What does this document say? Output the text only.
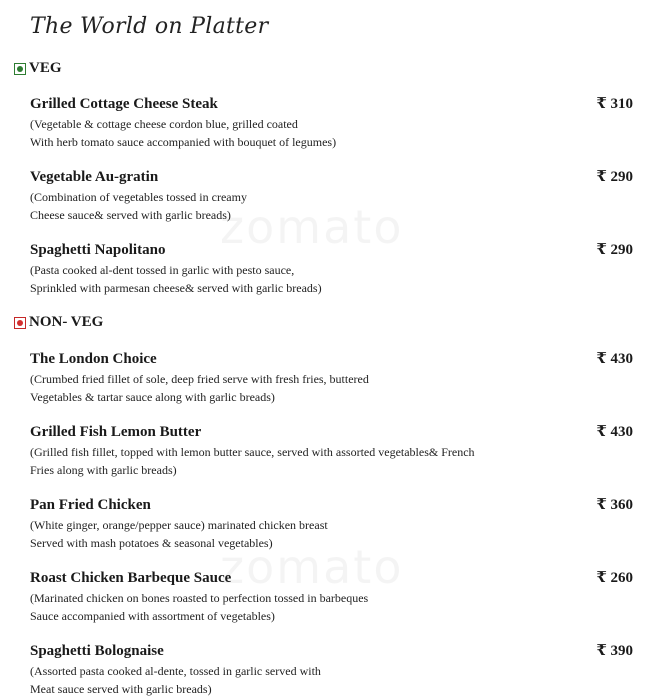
The World on Platter
VEG
Grilled Cottage Cheese Steak
(Vegetable & cottage cheese cordon blue, grilled coated
With herb tomato sauce accompanied with bouquet of legumes)
₹ 310
Vegetable Au-gratin
(Combination of vegetables tossed in creamy
Cheese sauce& served with garlic breads)
₹ 290
Spaghetti Napolitano
(Pasta cooked al-dent tossed in garlic with pesto sauce,
Sprinkled with parmesan cheese& served with garlic breads)
₹ 290
NON- VEG
The London Choice
(Crumbed fried fillet of sole, deep fried serve with fresh fries, buttered
Vegetables & tartar sauce along with garlic breads)
₹ 430
Grilled Fish Lemon Butter
(Grilled fish fillet, topped with lemon butter sauce, served with assorted vegetables& French
Fries along with garlic breads)
₹ 430
Pan Fried Chicken
(White ginger, orange/pepper sauce) marinated chicken breast
Served with mash potatoes & seasonal vegetables)
₹ 360
Roast Chicken Barbeque Sauce
(Marinated chicken on bones roasted to perfection tossed in barbeques
Sauce accompanied with assortment of vegetables)
₹ 260
Spaghetti Bolognaise
(Assorted pasta cooked al-dente, tossed in garlic served with
Meat sauce served with garlic breads)
₹ 390
